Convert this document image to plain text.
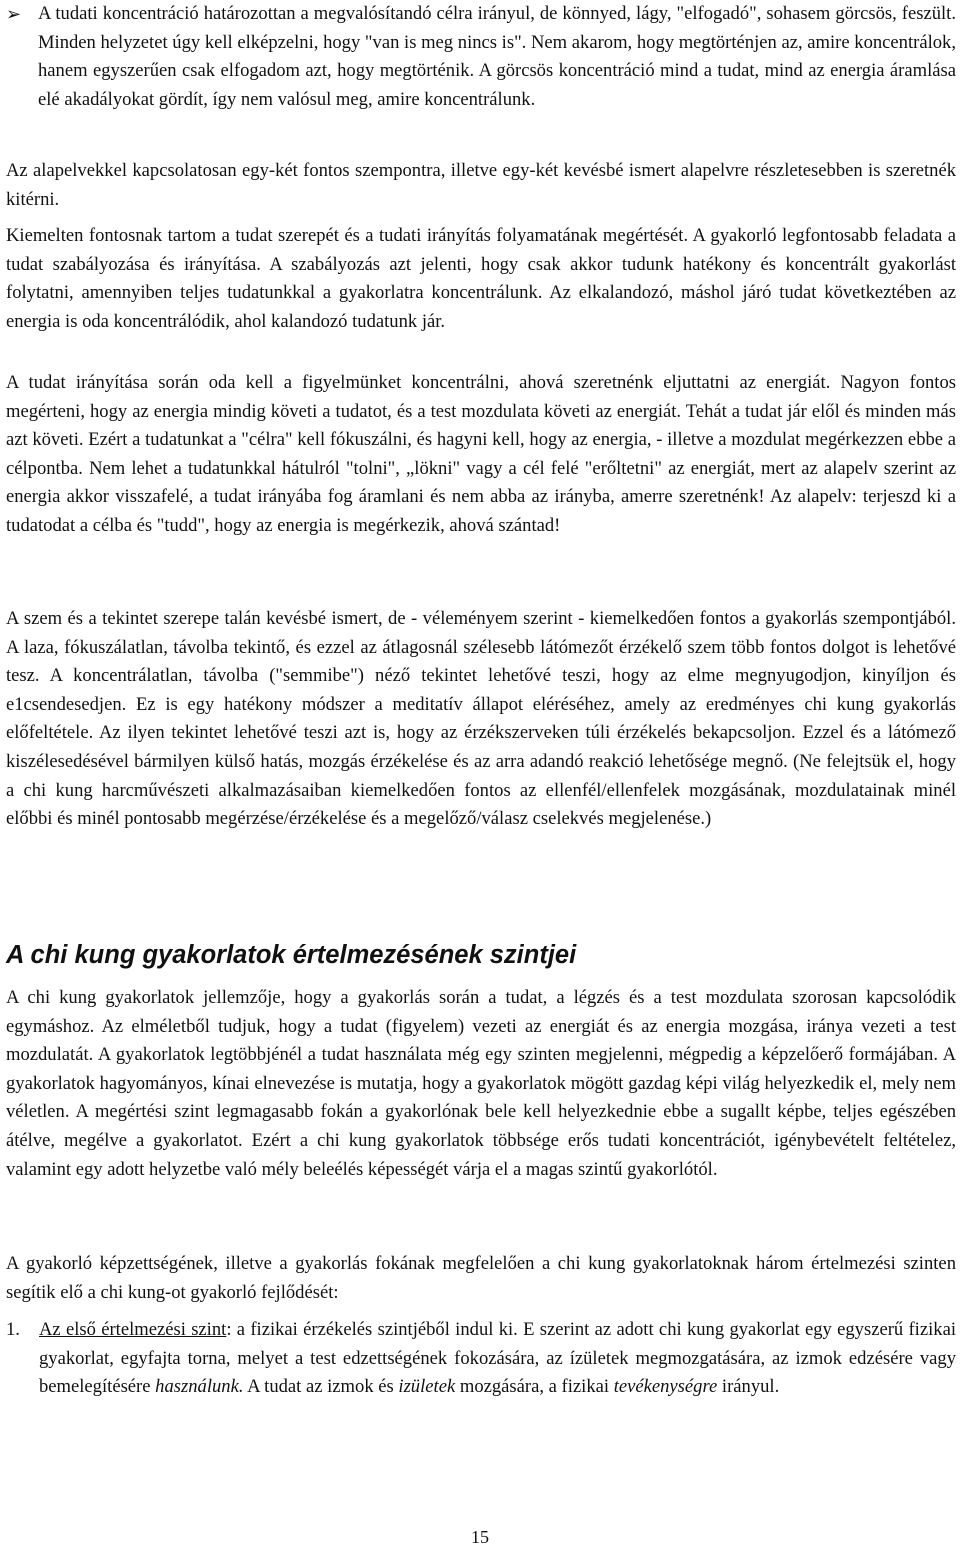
➢ A tudati koncentráció határozottan a megvalósítandó célra irányul, de könnyed, lágy, "elfogadó", sohasem görcsös, feszült. Minden helyzetet úgy kell elképzelni, hogy "van is meg nincs is". Nem akarom, hogy megtörténjen az, amire koncentrálok, hanem egyszerűen csak elfogadom azt, hogy megtörténik. A görcsös koncentráció mind a tudat, mind az energia áramlása elé akadályokat gördít, így nem valósul meg, amire koncentrálunk.

Az alapelvekkel kapcsolatosan egy-két fontos szempontra, illetve egy-két kevésbé ismert alapelvre részletesebben is szeretnék kitérni.

Kiemelten fontosnak tartom a tudat szerepét és a tudati irányítás folyamatának megértését. A gyakorló legfontosabb feladata a tudat szabályozása és irányítása. A szabályozás azt jelenti, hogy csak akkor tudunk hatékony és koncentrált gyakorlást folytatni, amennyiben teljes tudatunkkal a gyakorlatra koncentrálunk. Az elkalandozó, máshol járó tudat következtében az energia is oda koncentrálódik, ahol kalandozó tudatunk jár.

A tudat irányítása során oda kell a figyelmünket koncentrálni, ahová szeretnénk eljuttatni az energiát. Nagyon fontos megérteni, hogy az energia mindig követi a tudatot, és a test mozdulata követi az energiát. Tehát a tudat jár elől és minden más azt követi. Ezért a tudatunkat a "célra" kell fókuszálni, és hagyni kell, hogy az energia, - illetve a mozdulat megérkezzen ebbe a célpontba. Nem lehet a tudatunkkal hátulról "tolni", „lökni" vagy a cél felé "erőltetni" az energiát, mert az alapelv szerint az energia akkor visszafelé, a tudat irányába fog áramlani és nem abba az irányba, amerre szeretnénk! Az alapelv: terjeszd ki a tudatodat a célba és "tudd", hogy az energia is megérkezik, ahová szántad!

A szem és a tekintet szerepe talán kevésbé ismert, de - véleményem szerint - kiemelkedően fontos a gyakorlás szempontjából. A laza, fókuszálatlan, távolba tekintő, és ezzel az átlagosnál szélesebb látómezőt érzékelő szem több fontos dolgot is lehetővé tesz. A koncentrálatlan, távolba ("semmibe") néző tekintet lehetővé teszi, hogy az elme megnyugodjon, kinyíljon és e1csendesedjen. Ez is egy hatékony módszer a meditatív állapot eléréséhez, amely az eredményes chi kung gyakorlás előfeltétele. Az ilyen tekintet lehetővé teszi azt is, hogy az érzékszerveken túli érzékelés bekapcsoljon. Ezzel és a látómező kiszélesedésével bármilyen külső hatás, mozgás érzékelése és az arra adandó reakció lehetősége megnő. (Ne felejtsük el, hogy a chi kung harcművészeti alkalmazásaiban kiemelkedően fontos az ellenfél/ellenfelek mozgásának, mozdulatainak minél előbbi és minél pontosabb megérzése/érzékelése és a megelőző/válasz cselekvés megjelenése.)

A chi kung gyakorlatok értelmezésének szintjei

A chi kung gyakorlatok jellemzője, hogy a gyakorlás során a tudat, a légzés és a test mozdulata szorosan kapcsolódik egymáshoz. Az elméletből tudjuk, hogy a tudat (figyelem) vezeti az energiát és az energia mozgása, iránya vezeti a test mozdulatát. A gyakorlatok legtöbbjénél a tudat használata még egy szinten megjelenni, mégpedig a képzelőerő formájában. A gyakorlatok hagyományos, kínai elnevezése is mutatja, hogy a gyakorlatok mögött gazdag képi világ helyezkedik el, mely nem véletlen. A megértési szint legmagasabb fokán a gyakorlónak bele kell helyezkednie ebbe a sugallt képbe, teljes egészében átélve, megélve a gyakorlatot. Ezért a chi kung gyakorlatok többsége erős tudati koncentrációt, igénybevételt feltételez, valamint egy adott helyzetbe való mély beleélés képességét várja el a magas szintű gyakorlótól.

A gyakorló képzettségének, illetve a gyakorlás fokának megfelelően a chi kung gyakorlatoknak három értelmezési szinten segítik elő a chi kung-ot gyakorló fejlődését:

1. Az első értelmezési szint: a fizikai érzékelés szintjéből indul ki. E szerint az adott chi kung gyakorlat egy egyszerű fizikai gyakorlat, egyfajta torna, melyet a test edzettségének fokozására, az ízületek megmozgatására, az izmok edzésére vagy bemelegítésére használunk. A tudat az izmok és izületek mozgására, a fizikai tevékenységre irányul.

15
